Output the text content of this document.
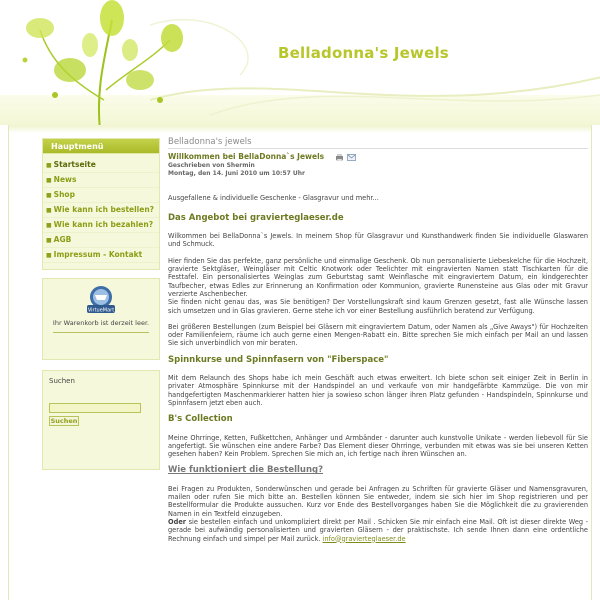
Belladonna's Jewels
Hauptmenü
■ Startseite
■ News
■ Shop
■ Wie kann ich bestellen?
■ Wie kann ich bezahlen?
■ AGB
■ Impressum - Kontakt
VirtueMart
Ihr Warenkorb ist derzeit leer.
Suchen
Suchen
Belladonna's jewels
Willkommen bei BellaDonna`s Jewels
Geschrieben von Shermin
Montag, den 14. Juni 2010 um 10:57 Uhr

Ausgefallene & individuelle Geschenke - Glasgravur und mehr...

Das Angebot bei gravierteglaeser.de

Wilkommen bei BellaDonna`s Jewels. In meinem Shop für Glasgravur und Kunsthandwerk finden Sie individuelle Glaswaren und Schmuck.

Hier finden Sie das perfekte, ganz persönliche und einmalige Geschenk. Ob nun personalisierte Liebeskelche für die Hochzeit, gravierte Sektgläser, Weingläser mit Celtic Knotwork oder Teelichter mit eingravierten Namen statt Tischkarten für die Festtafel. Ein personalisiertes Weinglas zum Geburtstag samt Weinflasche mit eingraviertem Datum, ein kindgerechter Taufbecher, etwas Edles zur Erinnerung an Konfirmation oder Kommunion, gravierte Runensteine aus Glas oder mit Gravur verzierte Aschenbecher.

Sie finden nicht genau das, was Sie benötigen? Der Vorstellungskraft sind kaum Grenzen gesetzt, fast alle Wünsche lassen sich umsetzen und in Glas gravieren. Gerne stehe ich vor einer Bestellung ausführlich beratend zur Verfügung.

Bei größeren Bestellungen (zum Beispiel bei Gläsern mit eingraviertem Datum, oder Namen als „Give Aways") für Hochzeiten oder Familienfeiern, räume ich auch gerne einen Mengen-Rabatt ein. Bitte sprechen Sie mich einfach per Mail an und lassen Sie sich unverbindlich von mir beraten.

Spinnkurse und Spinnfasern von "Fiberspace"

Mit dem Relaunch des Shops habe ich mein Geschäft auch etwas erweitert. Ich biete schon seit einiger Zeit in Berlin in privater Atmosphäre Spinnkurse mit der Handspindel an und verkaufe von mir handgefärbte Kammzüge. Die von mir handgefertigten Maschenmarkierer hatten hier ja sowieso schon länger ihren Platz gefunden - Handspindeln, Spinnkurse und Spinnfasern jetzt eben auch.

B's Collection

Meine Ohrringe, Ketten, Fußkettchen, Anhänger und Armbänder - darunter auch kunstvolle Unikate - werden liebevoll für Sie angefertigt. Sie wünschen eine andere Farbe? Das Element dieser Ohrringe, verbunden mit etwas was sie bei unseren Ketten gesehen haben? Kein Problem. Sprechen Sie mich an, ich fertige nach ihren Wünschen an.

Wie funktioniert die Bestellung?

Bei Fragen zu Produkten, Sonderwünschen und gerade bei Anfragen zu Schriften für gravierte Gläser und Namensgravuren, mailen oder rufen Sie mich bitte an. Bestellen können Sie entweder, indem sie sich hier im Shop registrieren und per Bestellformular die Produkte aussuchen. Kurz vor Ende des Bestellvorganges haben Sie die Möglichkeit die zu gravierenden Namen in ein Textfeld einzugeben.

Oder sie bestellen einfach und unkompliziert direkt per Mail . Schicken Sie mir einfach eine Mail. Oft ist dieser direkte Weg - gerade bei aufwändig personalisierten und gravierten Gläsern - der praktischste. Ich sende Ihnen dann eine ordentliche Rechnung einfach und simpel per Mail zurück. info@gravierteglaeser.de
